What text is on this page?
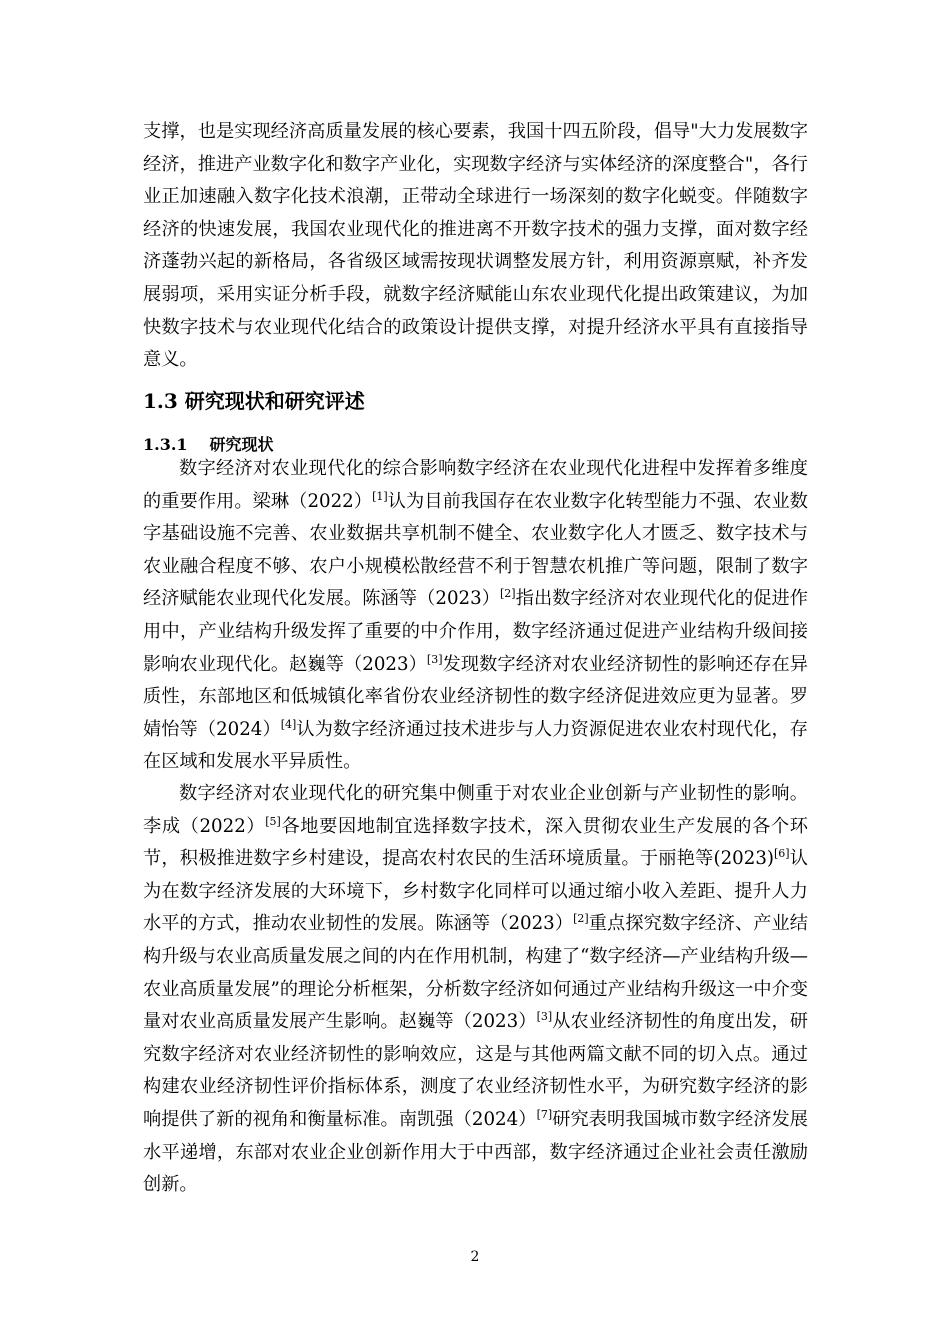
支撑，也是实现经济高质量发展的核心要素，我国十四五阶段，倡导"大力发展数字经济，推进产业数字化和数字产业化，实现数字经济与实体经济的深度整合"，各行业正加速融入数字化技术浪潮，正带动全球进行一场深刻的数字化蜕变。伴随数字经济的快速发展，我国农业现代化的推进离不开数字技术的强力支撑，面对数字经济蓬勃兴起的新格局，各省级区域需按现状调整发展方针，利用资源禀赋，补齐发展弱项，采用实证分析手段，就数字经济赋能山东农业现代化提出政策建议，为加快数字技术与农业现代化结合的政策设计提供支撑，对提升经济水平具有直接指导意义。

1.3 研究现状和研究评述
1.3.1 研究现状

数字经济对农业现代化的综合影响数字经济在农业现代化进程中发挥着多维度的重要作用。梁琳（2022）[1]认为目前我国存在农业数字化转型能力不强、农业数字基础设施不完善、农业数据共享机制不健全、农业数字化人才匮乏、数字技术与农业融合程度不够、农户小规模松散经营不利于智慧农机推广等问题，限制了数字经济赋能农业现代化发展。陈涵等（2023）[2]指出数字经济对农业现代化的促进作用中，产业结构升级发挥了重要的中介作用，数字经济通过促进产业结构升级间接影响农业现代化。赵巍等（2023）[3]发现数字经济对农业经济韧性的影响还存在异质性，东部地区和低城镇化率省份农业经济韧性的数字经济促进效应更为显著。罗婧怡等（2024）[4]认为数字经济通过技术进步与人力资源促进农业农村现代化，存在区域和发展水平异质性。

数字经济对农业现代化的研究集中侧重于对农业企业创新与产业韧性的影响。李成（2022）[5]各地要因地制宜选择数字技术，深入贯彻农业生产发展的各个环节，积极推进数字乡村建设，提高农村农民的生活环境质量。于丽艳等(2023)[6]认为在数字经济发展的大环境下，乡村数字化同样可以通过缩小收入差距、提升人力水平的方式，推动农业韧性的发展。陈涵等（2023）[2]重点探究数字经济、产业结构升级与农业高质量发展之间的内在作用机制，构建了“数字经济—产业结构升级—农业高质量发展”的理论分析框架，分析数字经济如何通过产业结构升级这一中介变量对农业高质量发展产生影响。赵巍等（2023）[3]从农业经济韧性的角度出发，研究数字经济对农业经济韧性的影响效应，这是与其他两篇文献不同的切入点。通过构建农业经济韧性评价指标体系，测度了农业经济韧性水平，为研究数字经济的影响提供了新的视角和衡量标准。南凯强（2024）[7]研究表明我国城市数字经济发展水平递增，东部对农业企业创新作用大于中西部，数字经济通过企业社会责任激励创新。

2
